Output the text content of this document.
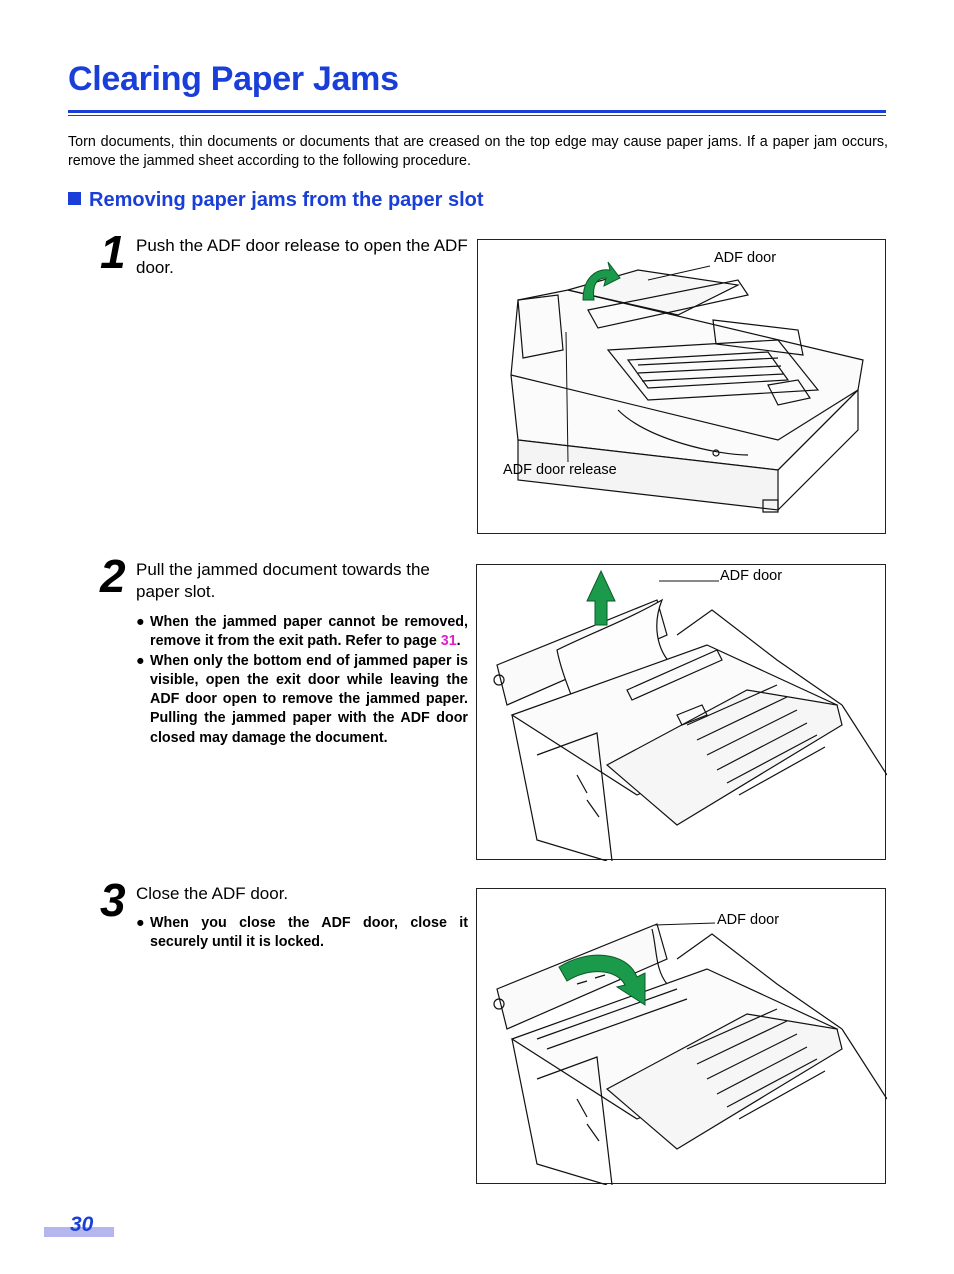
Clearing Paper Jams
Torn documents, thin documents or documents that are creased on the top edge may cause paper jams. If a paper jam occurs, remove the jammed sheet according to the following procedure.
Removing paper jams from the paper slot
1 Push the ADF door release to open the ADF door.	ADF door
ADF door release
2 Pull the jammed document towards the paper slot.
● When the jammed paper cannot be removed, remove it from the exit path. Refer to page 31.
● When only the bottom end of jammed paper is visible, open the exit door while leaving the ADF door open to remove the jammed paper. Pulling the jammed paper with the ADF door closed may damage the document.
ADF door
3 Close the ADF door.
● When you close the ADF door, close it securely until it is locked.
ADF door
30
